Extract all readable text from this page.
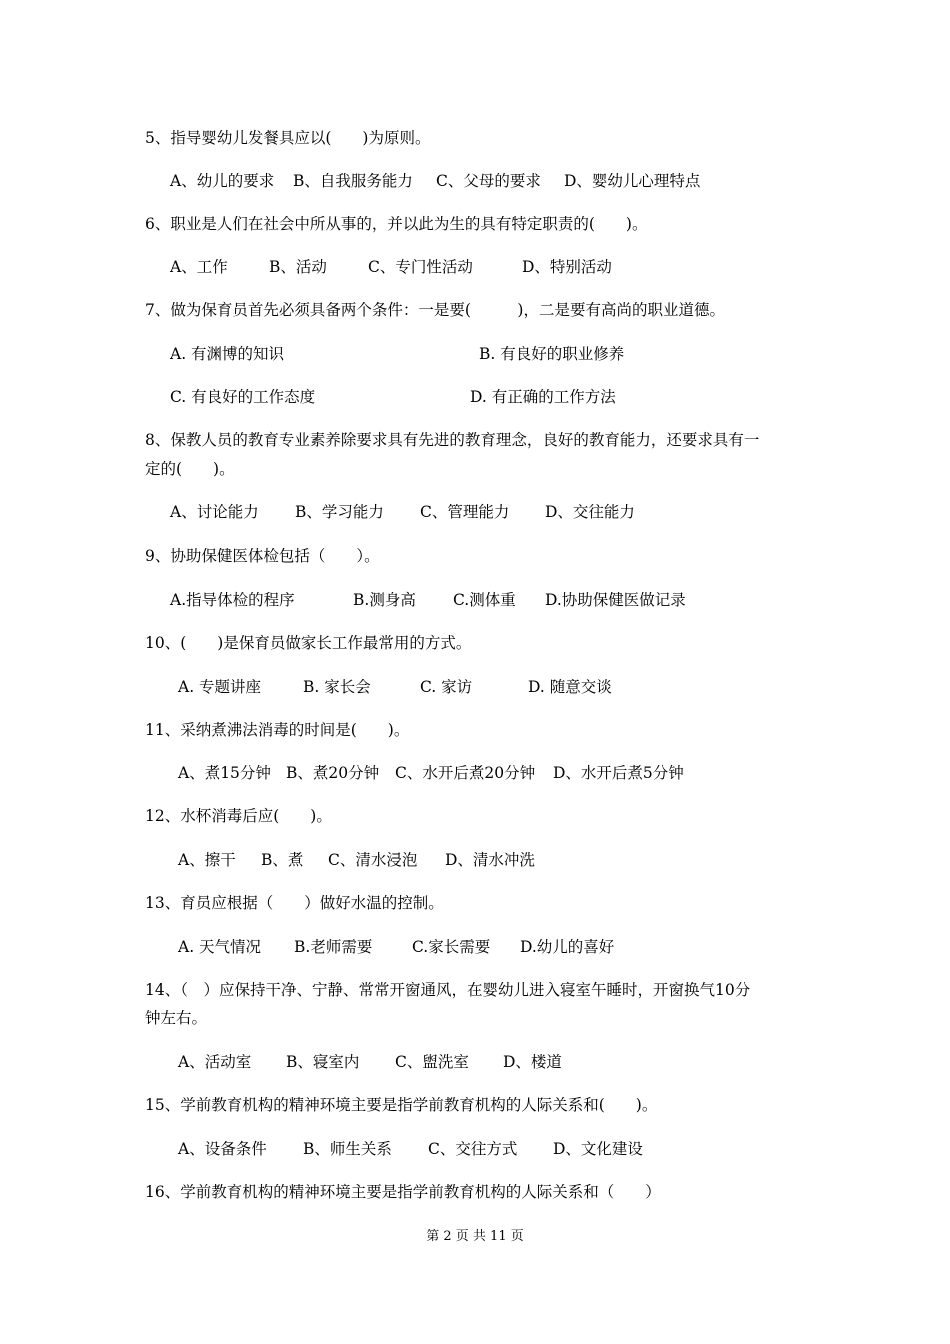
5、指导婴幼儿发餐具应以(　　)为原则。
A、幼儿的要求 B、自我服务能力 C、父母的要求 D、婴幼儿心理特点
6、职业是人们在社会中所从事的，并以此为生的具有特定职责的(　　)。
A、工作	B、活动	C、专门性活动	D、特别活动
7、做为保育员首先必须具备两个条件：一是要(　　　)，二是要有高尚的职业道德。
A. 有渊博的知识	B. 有良好的职业修养
C. 有良好的工作态度	D. 有正确的工作方法
8、保教人员的教育专业素养除要求具有先进的教育理念，良好的教育能力，还要求具有一
定的(　　)。
A、讨论能力 B、学习能力 C、管理能力 D、交往能力
9、协助保健医体检包括（　　）。
A.指导体检的程序	B.测身高 C.测体重 D.协助保健医做记录
10、(　　)是保育员做家长工作最常用的方式。
A. 专题讲座	B. 家长会	C. 家访	D. 随意交谈
11、采纳煮沸法消毒的时间是(　　)。
A、煮15分钟 B、煮20分钟 C、水开后煮20分钟 D、水开后煮5分钟
12、水杯消毒后应(　　)。
A、擦干 B、煮 C、清水浸泡 D、清水冲洗
13、育员应根据（　　）做好水温的控制。
A. 天气情况 B.老师需要	C.家长需要 D.幼儿的喜好
14、（　）应保持干净、宁静、常常开窗通风，在婴幼儿进入寝室午睡时，开窗换气10分
钟左右。
A、活动室 B、寝室内 C、盥洗室 D、楼道
15、学前教育机构的精神环境主要是指学前教育机构的人际关系和(　　)。
A、设备条件 B、师生关系 C、交往方式 D、文化建设
16、学前教育机构的精神环境主要是指学前教育机构的人际关系和（　　）
第 2 页 共 11 页
